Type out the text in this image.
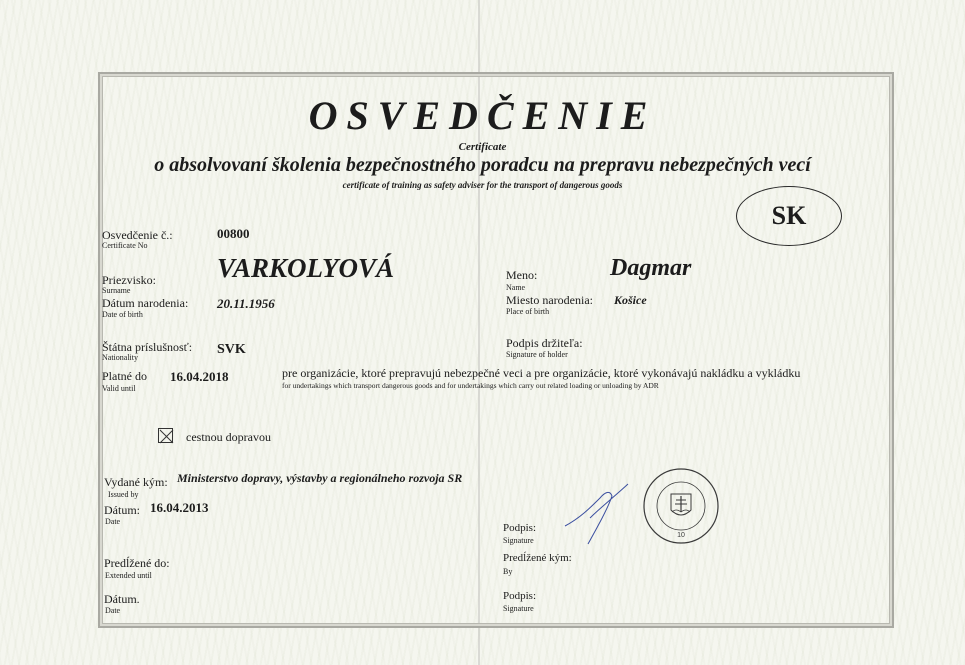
OSVEDČENIE
Certificate
o absolvovaní školenia bezpečnostného poradcu na prepravu nebezpečných vecí
certificate of training as safety adviser for the transport of dangerous goods
SK
Osvedčenie č.:
Certificate No
00800
Priezvisko:
Surname
VARKOLYOVÁ	Meno:
Name
Dagmar
Dátum narodenia:
Date of birth
20.11.1956	Miesto narodenia:
Place of birth
Košice
Štátna príslušnosť:
Nationality
SVK	Podpis držiteľa:
Signature of holder
Platné do
Valid until
16.04.2018	pre organizácie, ktoré prepravujú nebezpečné veci a pre organizácie, ktoré vykonávajú nakládku a vykládku
for undertakings which transport dangerous goods and for undertakings which carry out related loading or unloading by ADR
cestnou dopravou
Vydané kým:
Issued by
Ministerstvo dopravy, výstavby a regionálneho rozvoja SR
Dátum:
Date
16.04.2013
Podpis:
Signature
10
Predĺžené do:
Extended until
Predĺžené kým:
By
Dátum.
Date
Podpis:
Signature
